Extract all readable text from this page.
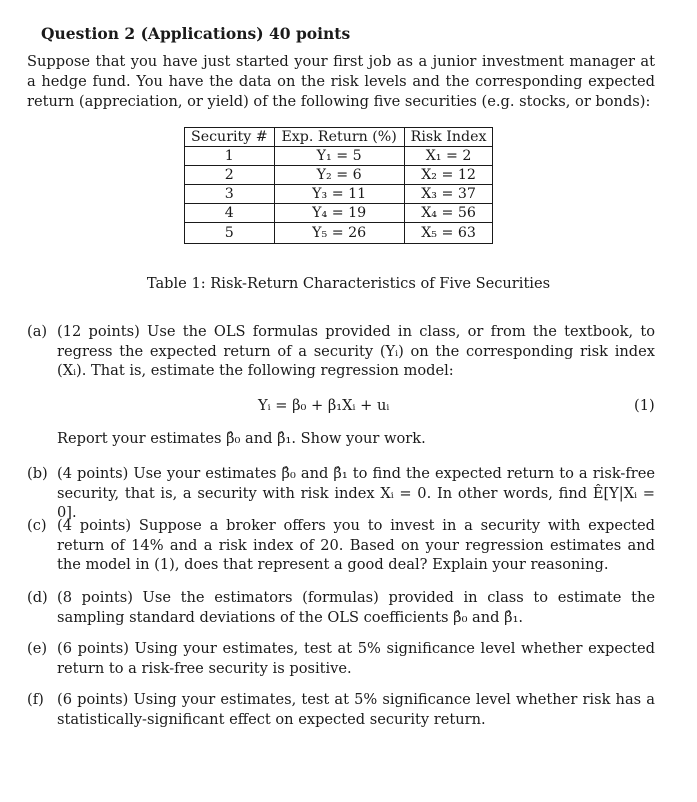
Question 2 (Applications) 40 points
Suppose that you have just started your first job as a junior investment manager at a hedge fund. You have the data on the risk levels and the corresponding expected return (appreciation, or yield) of the following five securities (e.g. stocks, or bonds):
Security #	Exp. Return (%)	Risk Index
1	Y₁ = 5	X₁ = 2
2	Y₂ = 6	X₂ = 12
3	Y₃ = 11	X₃ = 37
4	Y₄ = 19	X₄ = 56
5	Y₅ = 26	X₅ = 63
Table 1: Risk-Return Characteristics of Five Securities
(a) (12 points) Use the OLS formulas provided in class, or from the textbook, to regress the expected return of a security (Yᵢ) on the corresponding risk index (Xᵢ). That is, estimate the following regression model:
Yᵢ = β₀ + β₁Xᵢ + uᵢ	(1)
Report your estimates β̂₀ and β̂₁. Show your work.
(b) (4 points) Use your estimates β̂₀ and β̂₁ to find the expected return to a risk-free security, that is, a security with risk index Xᵢ = 0. In other words, find Ê[Y|Xᵢ = 0].
(c) (4 points) Suppose a broker offers you to invest in a security with expected return of 14% and a risk index of 20. Based on your regression estimates and the model in (1), does that represent a good deal? Explain your reasoning.
(d) (8 points) Use the estimators (formulas) provided in class to estimate the sampling standard deviations of the OLS coefficients β̂₀ and β̂₁.
(e) (6 points) Using your estimates, test at 5% significance level whether expected return to a risk-free security is positive.
(f) (6 points) Using your estimates, test at 5% significance level whether risk has a statistically-significant effect on expected security return.
